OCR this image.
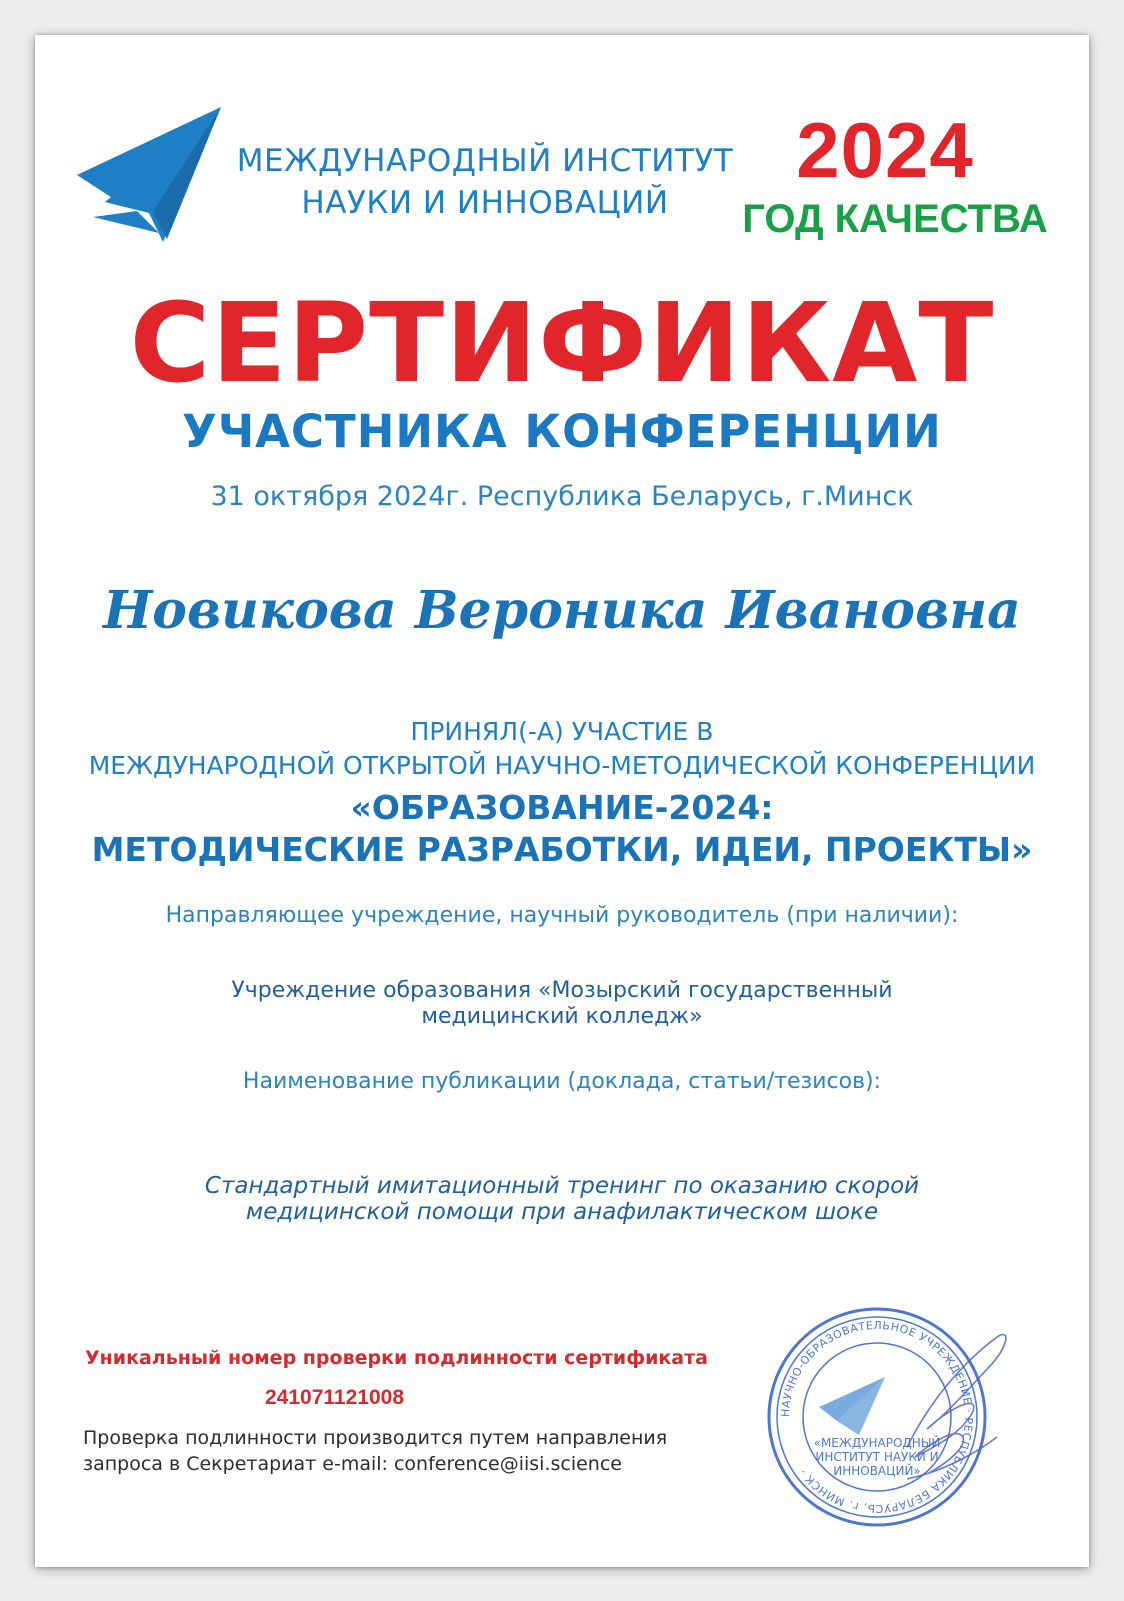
МЕЖДУНАРОДНЫЙ ИНСТИТУТ
НАУКИ И ИННОВАЦИЙ
2024
ГОД КАЧЕСТВА
СЕРТИФИКАТ
УЧАСТНИКА КОНФЕРЕНЦИИ
31 октября 2024г. Республика Беларусь, г.Минск
Новикова Вероника Ивановна
ПРИНЯЛ(-А) УЧАСТИЕ В
МЕЖДУНАРОДНОЙ ОТКРЫТОЙ НАУЧНО-МЕТОДИЧЕСКОЙ КОНФЕРЕНЦИИ
«ОБРАЗОВАНИЕ-2024:
МЕТОДИЧЕСКИЕ РАЗРАБОТКИ, ИДЕИ, ПРОЕКТЫ»
Направляющее учреждение, научный руководитель (при наличии):
Учреждение образования «Мозырский государственный
медицинский колледж»
Наименование публикации (доклада, статьи/тезисов):
Стандартный имитационный тренинг по оказанию скорой
медицинской помощи при анафилактическом шоке
Уникальный номер проверки подлинности сертификата
241071121008
Проверка подлинности производится путем направления
запроса в Секретариат e-mail: conference@iisi.science
НАУЧНО-ОБРАЗОВАТЕЛЬНОЕ УЧРЕЖДЕНИЕ · РЕСПУБЛИКА БЕЛАРУСЬ, г. МИНСК ·
«МЕЖДУНАРОДНЫЙ
ИНСТИТУТ НАУКИ И
ИННОВАЦИЙ»
